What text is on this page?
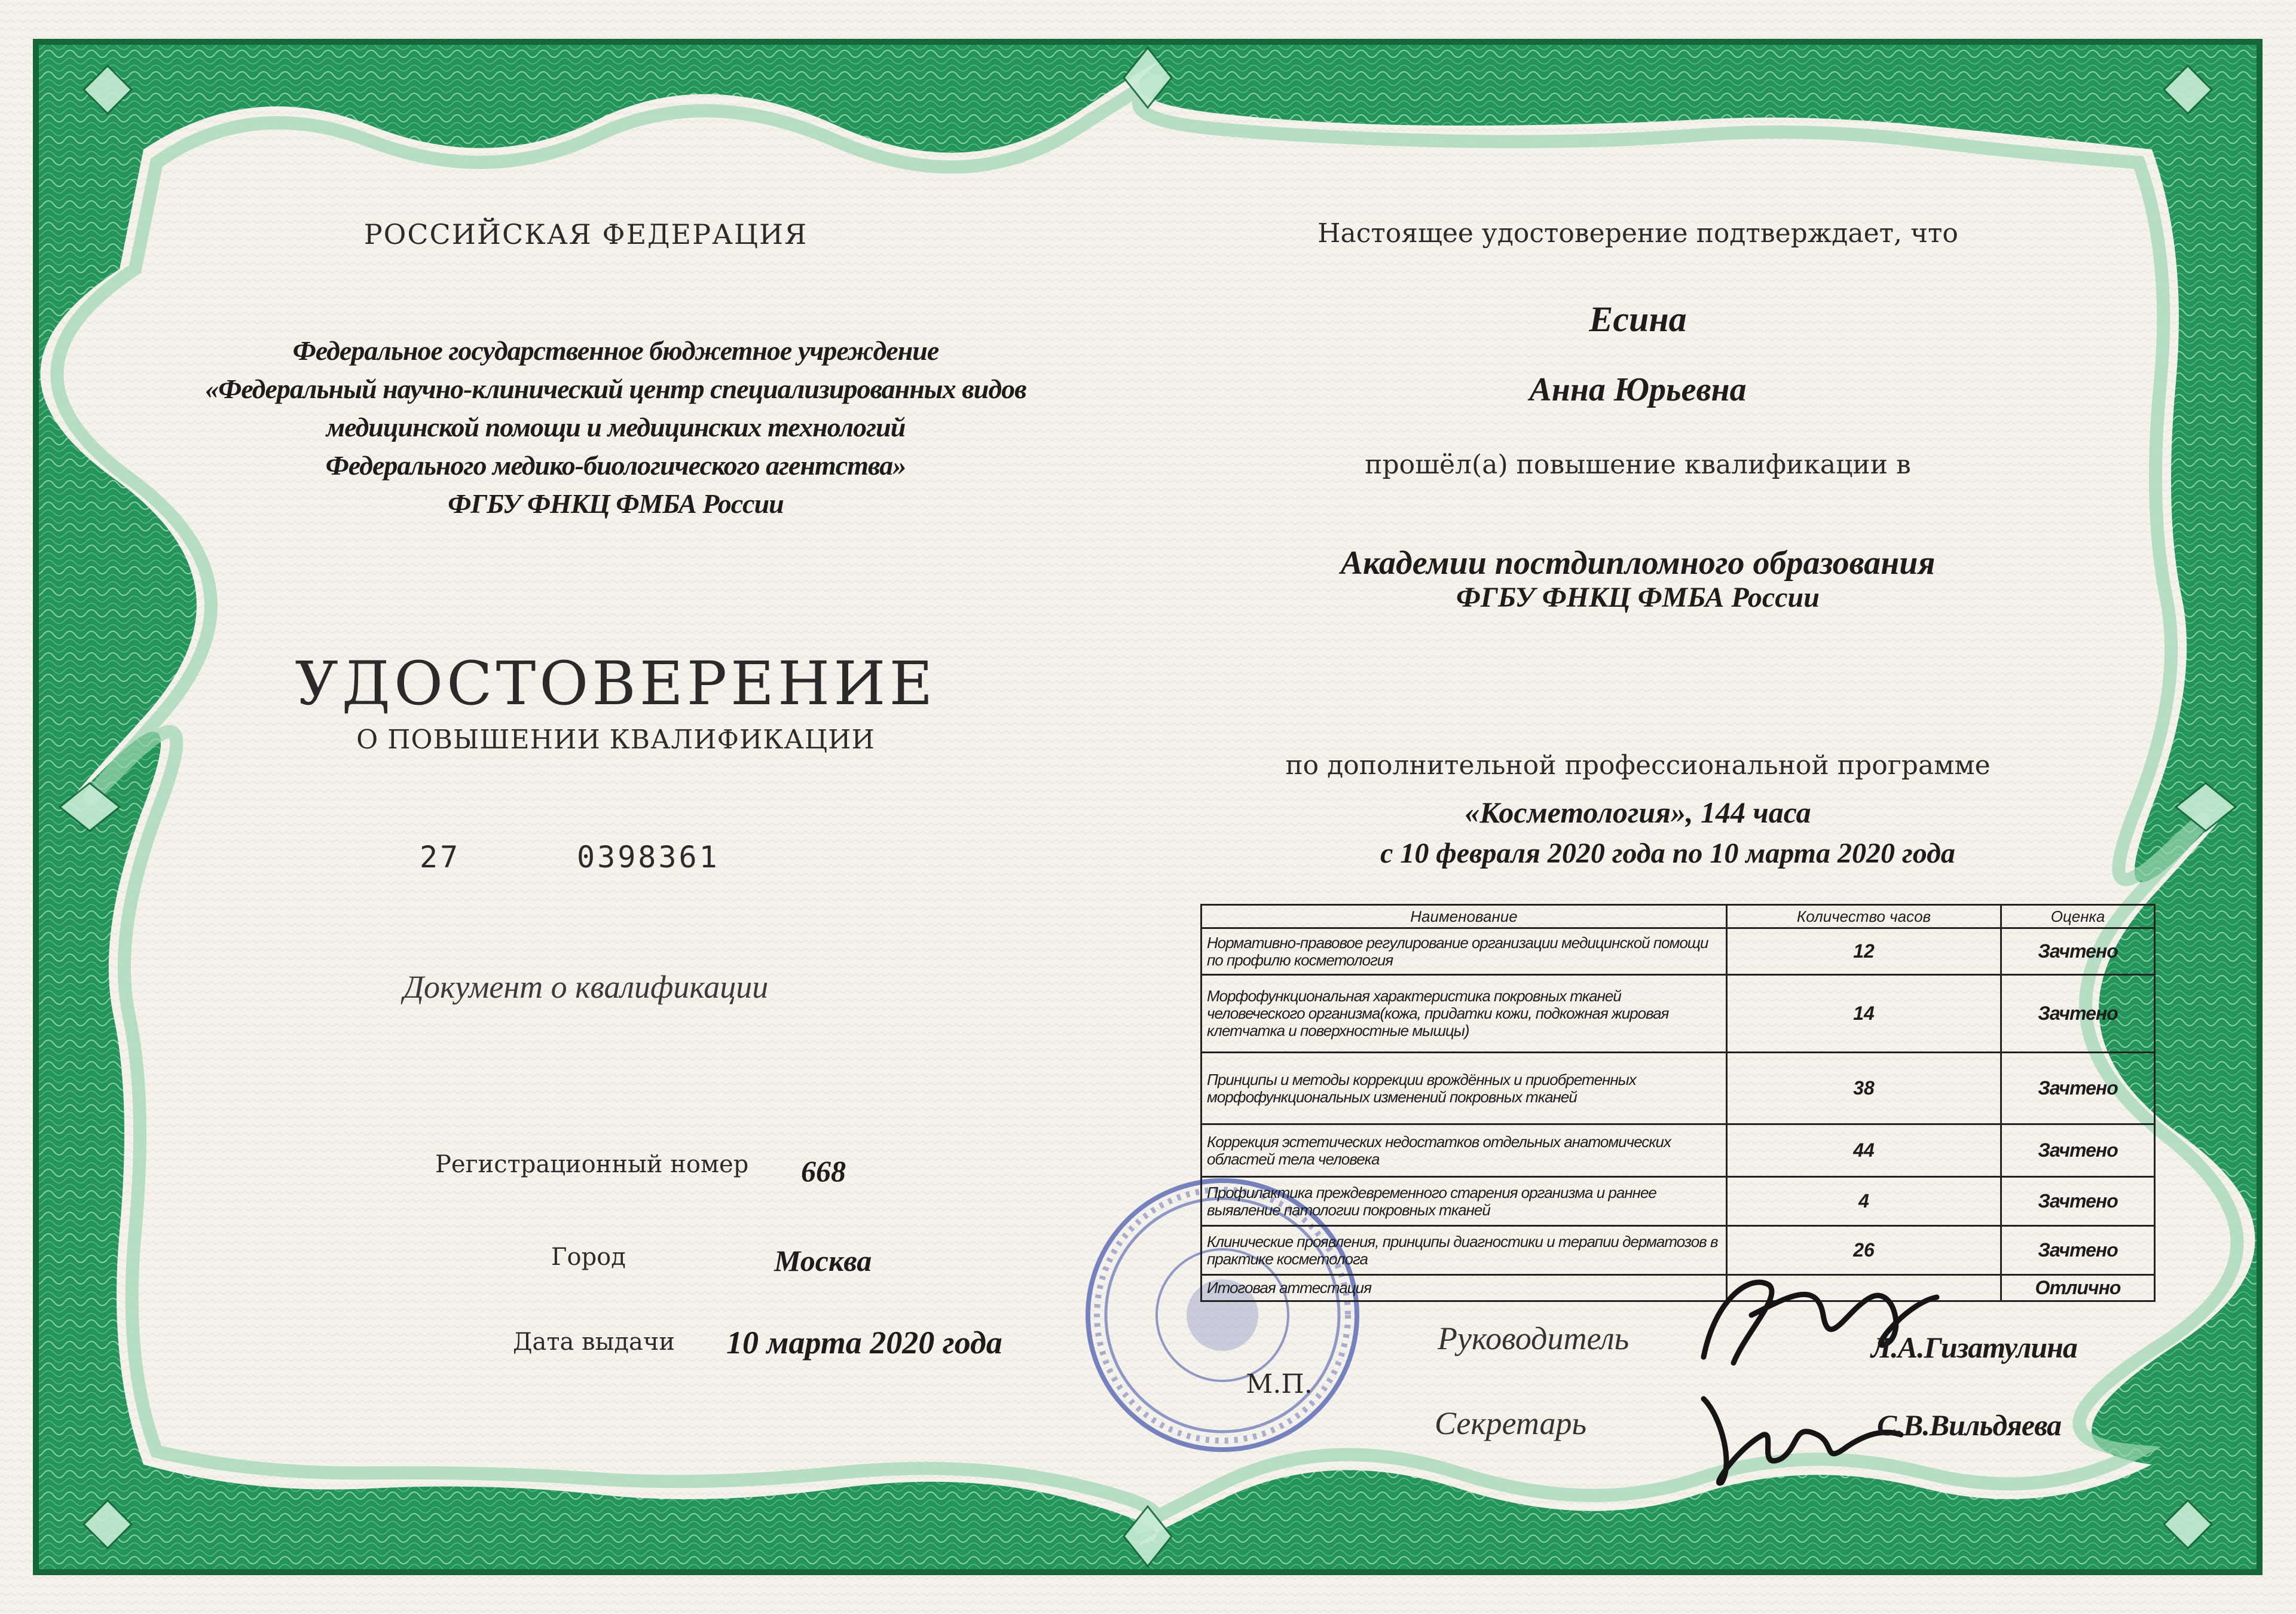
РОССИЙСКАЯ ФЕДЕРАЦИЯ
Федеральное государственное бюджетное учреждение
«Федеральный научно-клинический центр специализированных видов
медицинской помощи и медицинских технологий
Федерального медико-биологического агентства»
ФГБУ ФНКЦ ФМБА России
УДОСТОВЕРЕНИЕ
О ПОВЫШЕНИИ КВАЛИФИКАЦИИ
27	0398361
Документ о квалификации
Регистрационный номер 668
Город	Москва
Дата выдачи 10 марта 2020 года
Настоящее удостоверение подтверждает, что
Есина
Анна Юрьевна
прошёл(а) повышение квалификации в
Академии постдипломного образования
ФГБУ ФНКЦ ФМБА России
по дополнительной профессиональной программе
«Косметология», 144 часа
с 10 февраля 2020 года по 10 марта 2020 года
Наименование	Количество часов	Оценка
Нормативно-правовое регулирование организации медицинской помощи по профилю косметология	12	Зачтено
Морфофункциональная характеристика покровных тканей человеческого организма(кожа, придатки кожи, подкожная жировая клетчатка и поверхностные мышцы)	14	Зачтено
Принципы и методы коррекции врождённых и приобретенных морфофункциональных изменений покровных тканей	38	Зачтено
Коррекция эстетических недостатков отдельных анатомических областей тела человека	44	Зачтено
Профилактика преждевременного старения организма и раннее выявление патологии покровных тканей	4	Зачтено
Клинические проявления, принципы диагностики и терапии дерматозов в практике косметолога	26	Зачтено
Итоговая аттестация		Отлично
М.П.
Руководитель	Л.А.Гизатулина
Секретарь	С.В.Вильдяева
